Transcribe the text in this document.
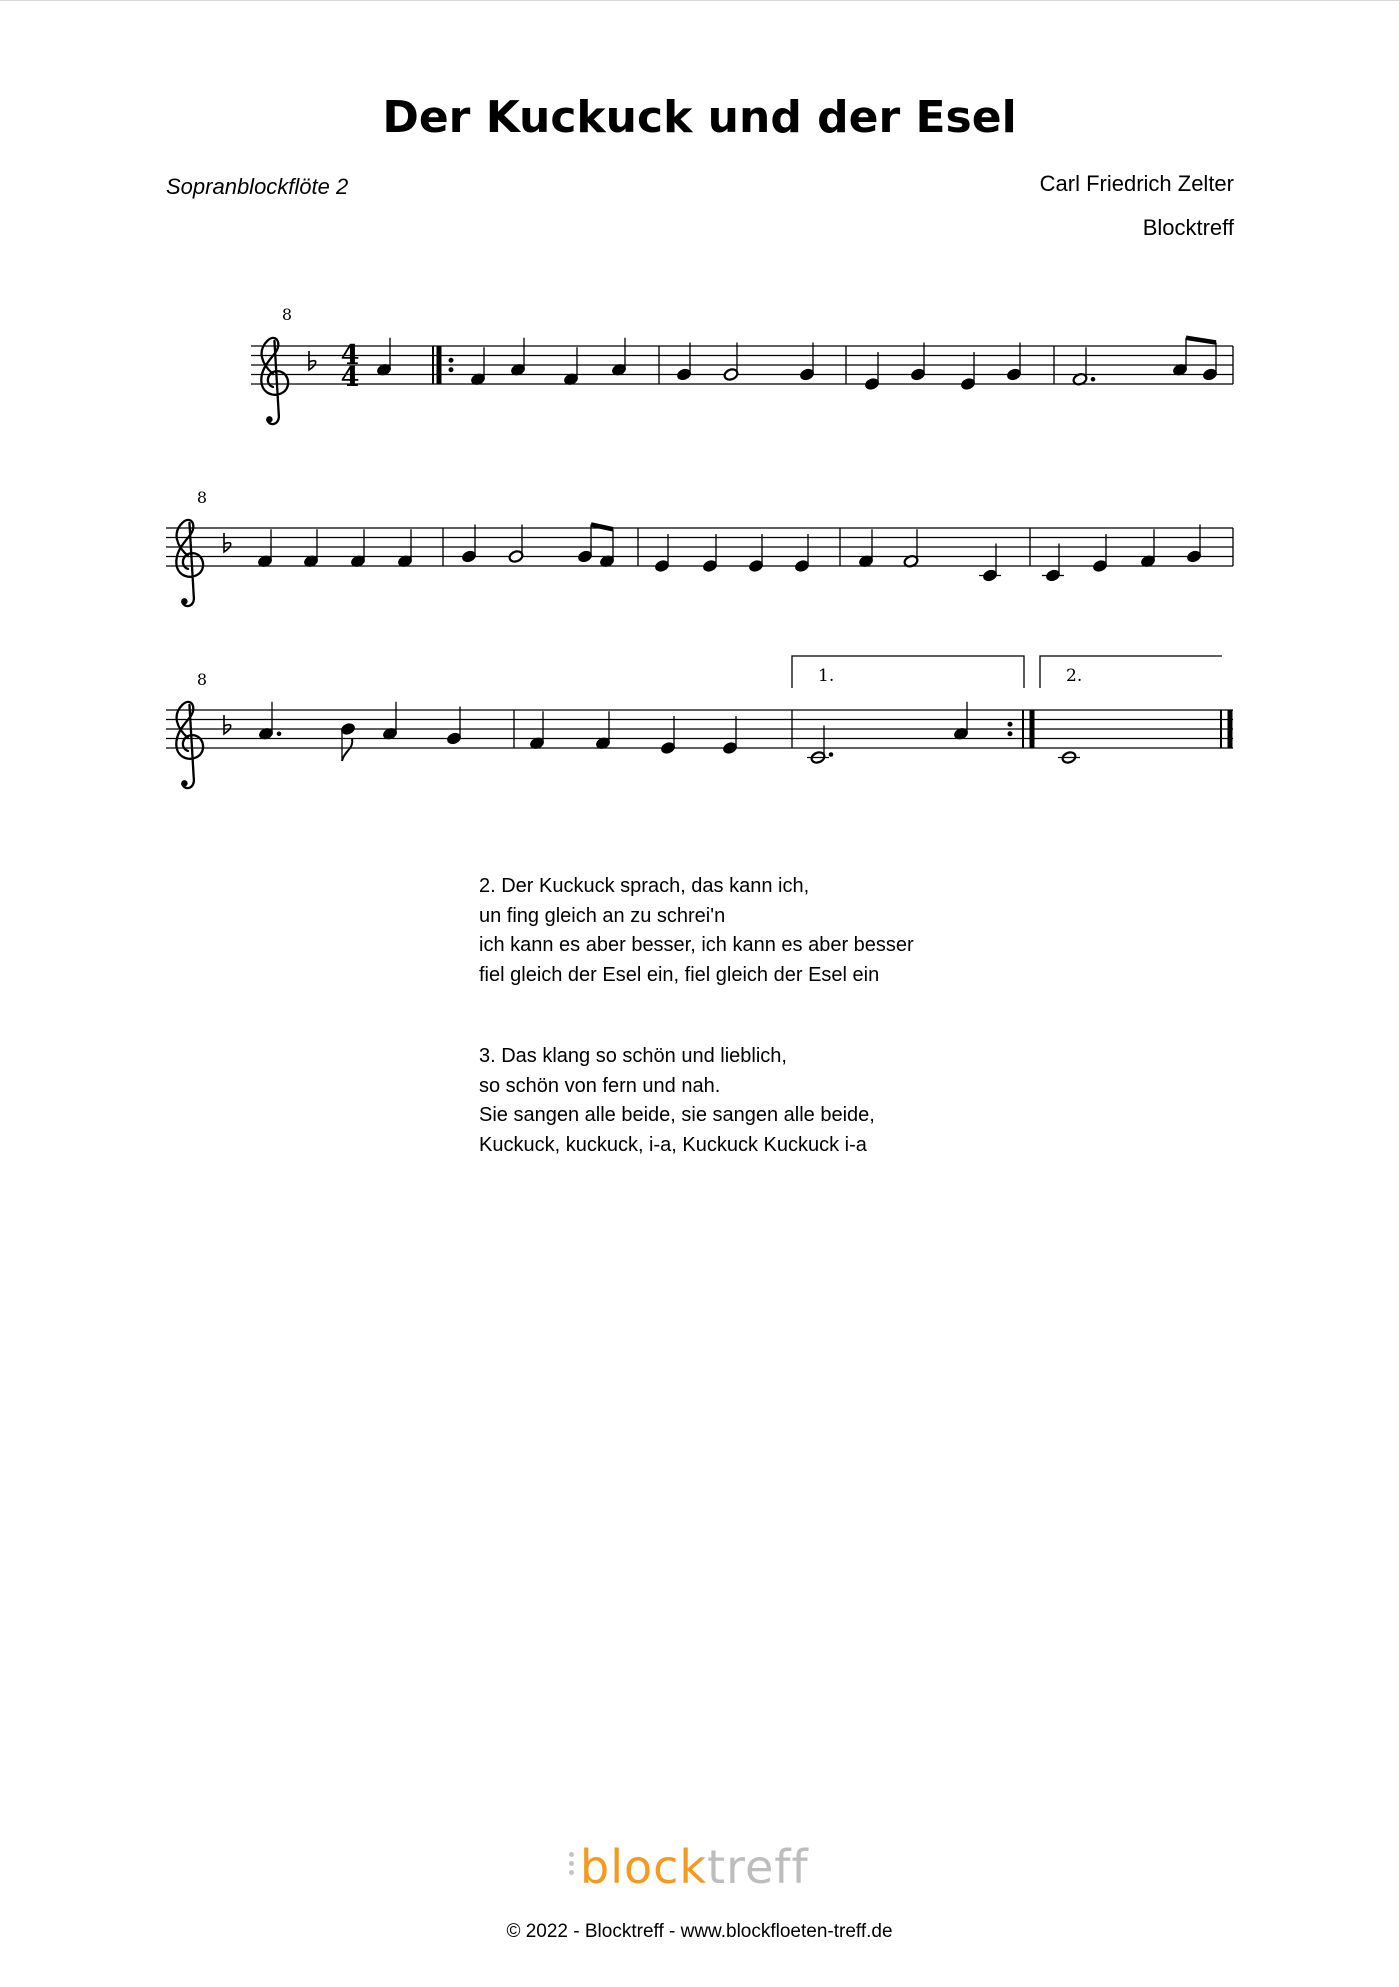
Der Kuckuck und der Esel
Sopranblockflöte 2	Carl Friedrich Zelter
Blocktreff
8
8
8
4
4
1.	2.
2. Der Kuckuck sprach, das kann ich,
un fing gleich an zu schrei'n
ich kann es aber besser, ich kann es aber besser
fiel gleich der Esel ein, fiel gleich der Esel ein
3. Das klang so schön und lieblich,
so schön von fern und nah.
Sie sangen alle beide, sie sangen alle beide,
Kuckuck, kuckuck, i-a, Kuckuck Kuckuck i-a
blocktreff
© 2022 - Blocktreff - www.blockfloeten-treff.de
